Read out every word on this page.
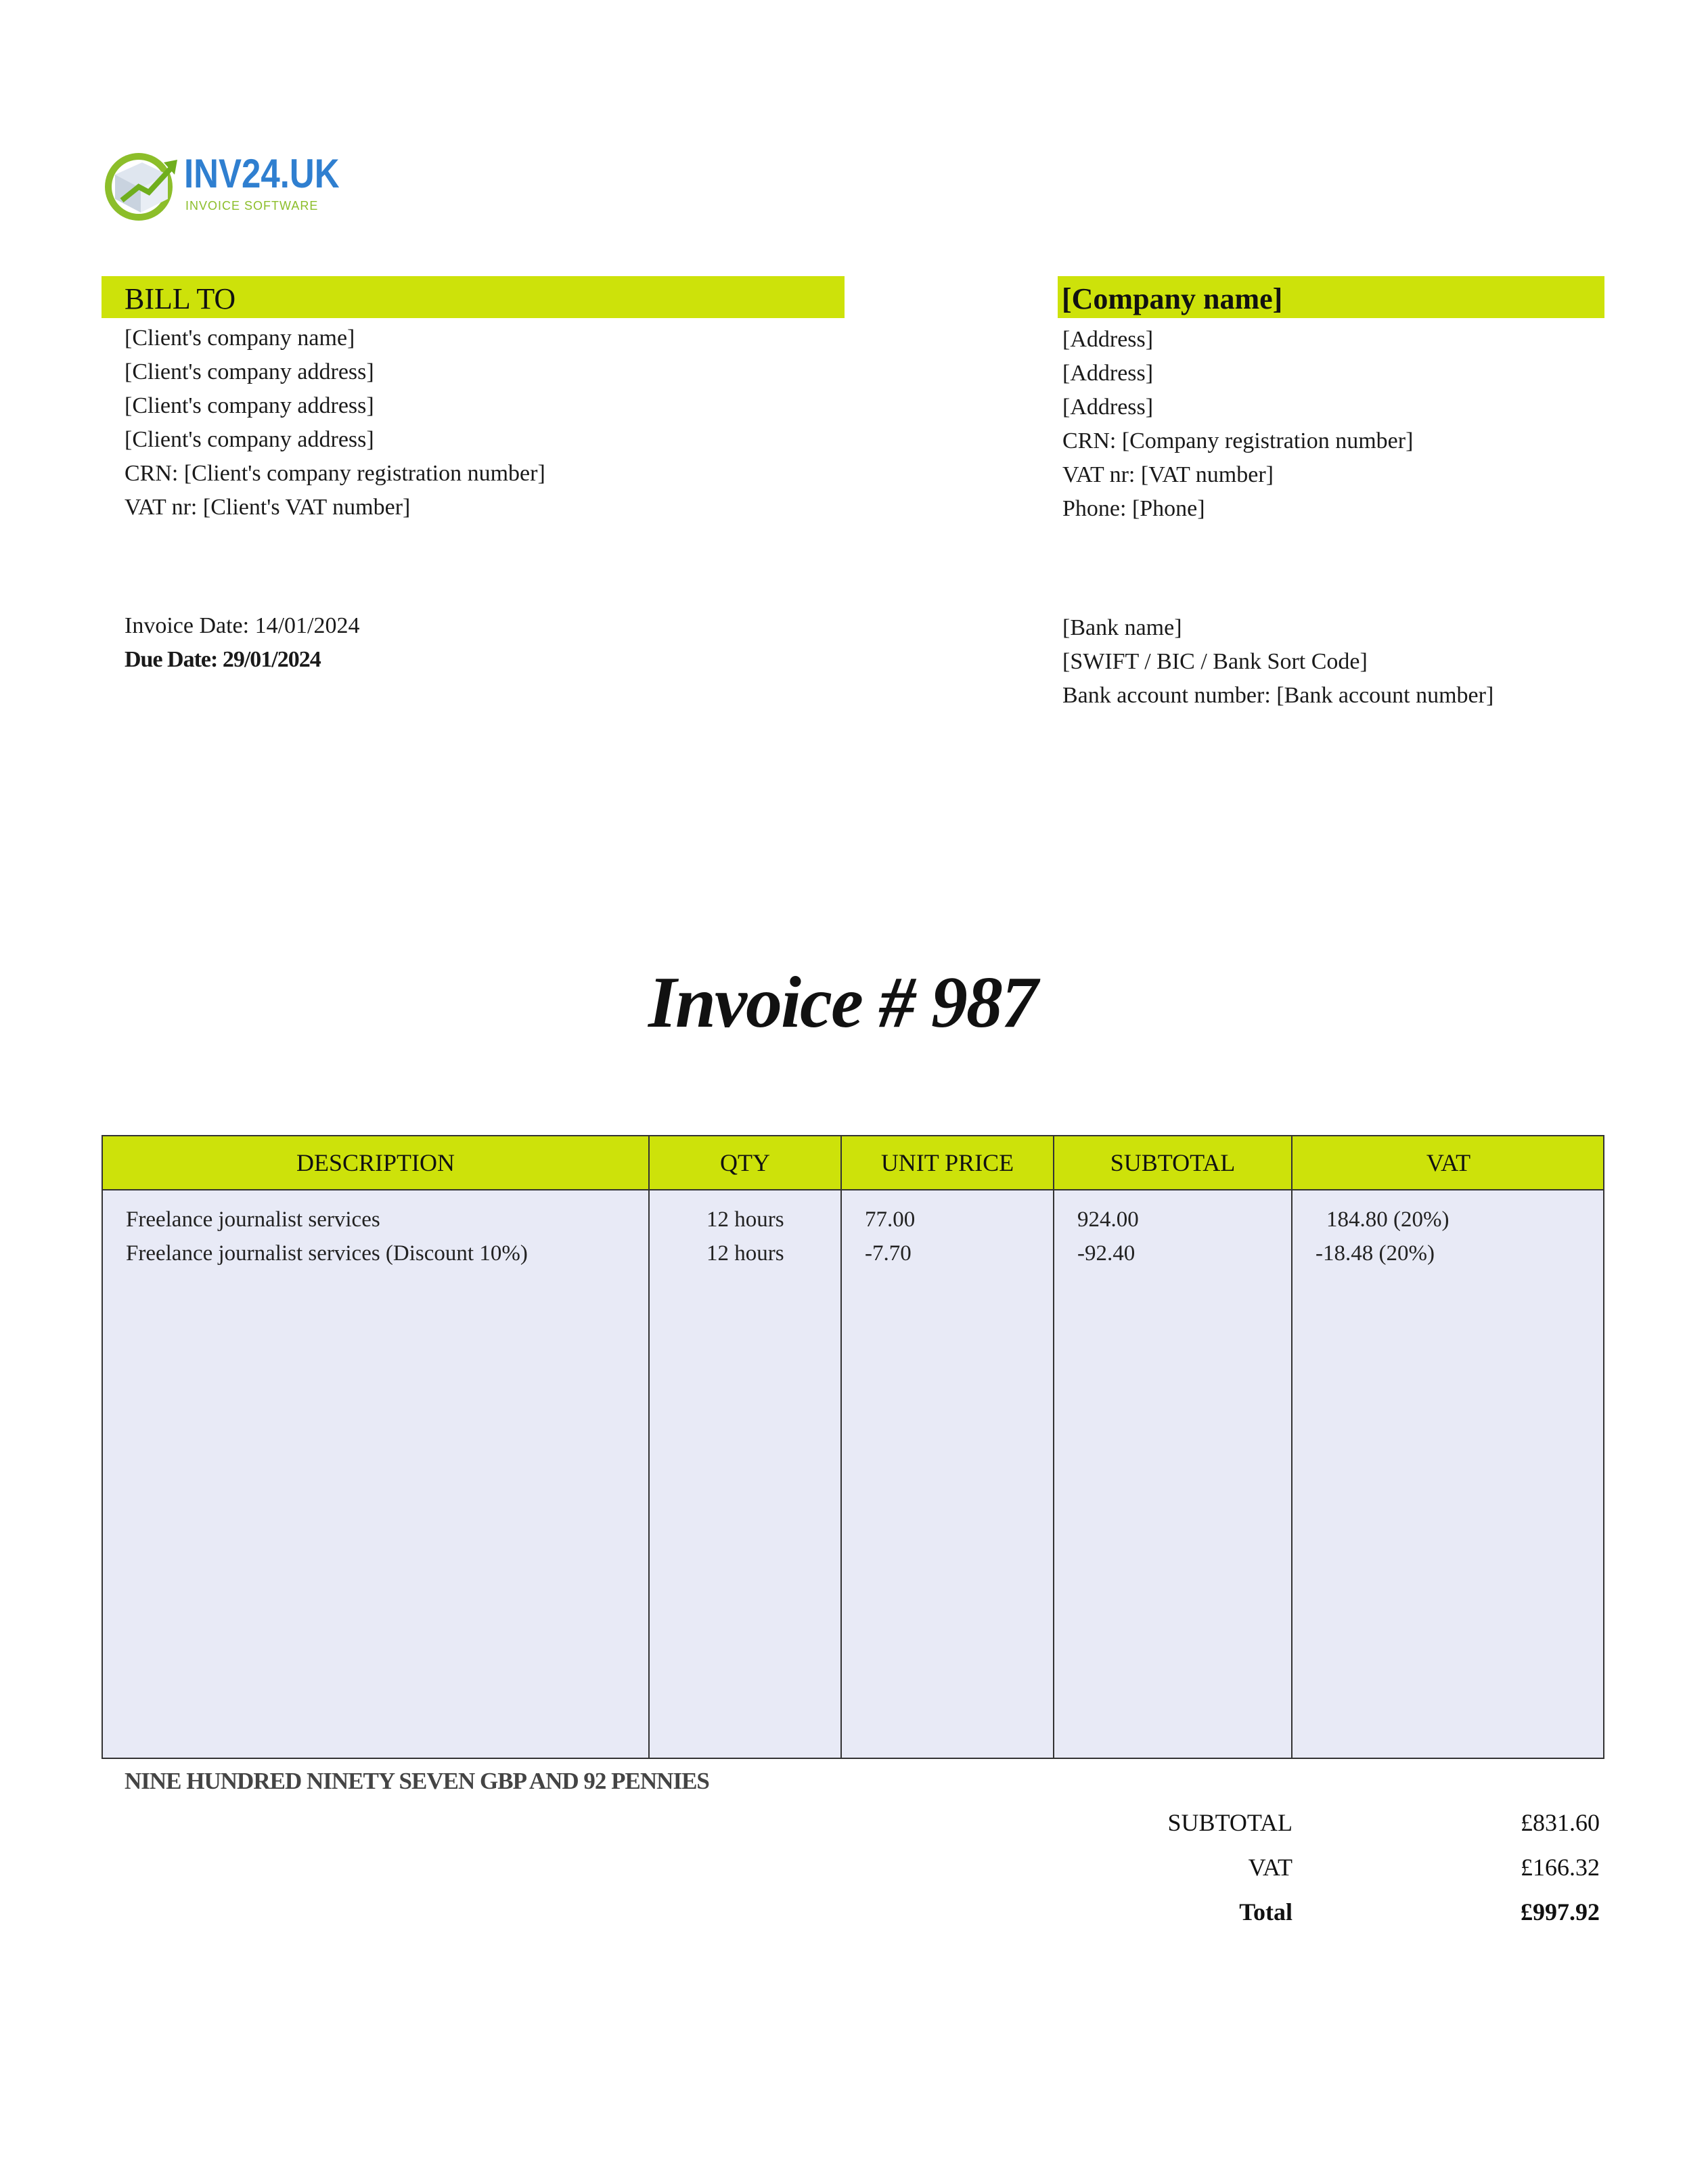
INV24.UK
INVOICE SOFTWARE
BILL TO
[Client's company name]
[Client's company address]
[Client's company address]
[Client's company address]
CRN: [Client's company registration number]
VAT nr: [Client's VAT number]
[Company name]
[Address]
[Address]
[Address]
CRN: [Company registration number]
VAT nr: [VAT number]
Phone: [Phone]
Invoice Date: 14/01/2024
Due Date: 29/01/2024
[Bank name]
[SWIFT / BIC / Bank Sort Code]
Bank account number: [Bank account number]
Invoice # 987
DESCRIPTION	QTY	UNIT PRICE	SUBTOTAL	VAT
Freelance journalist services	12 hours	77.00	924.00	184.80 (20%)
Freelance journalist services (Discount 10%)	12 hours	-7.70	-92.40	-18.48 (20%)
NINE HUNDRED NINETY SEVEN GBP AND 92 PENNIES
SUBTOTAL	£831.60
VAT	£166.32
Total	£997.92
